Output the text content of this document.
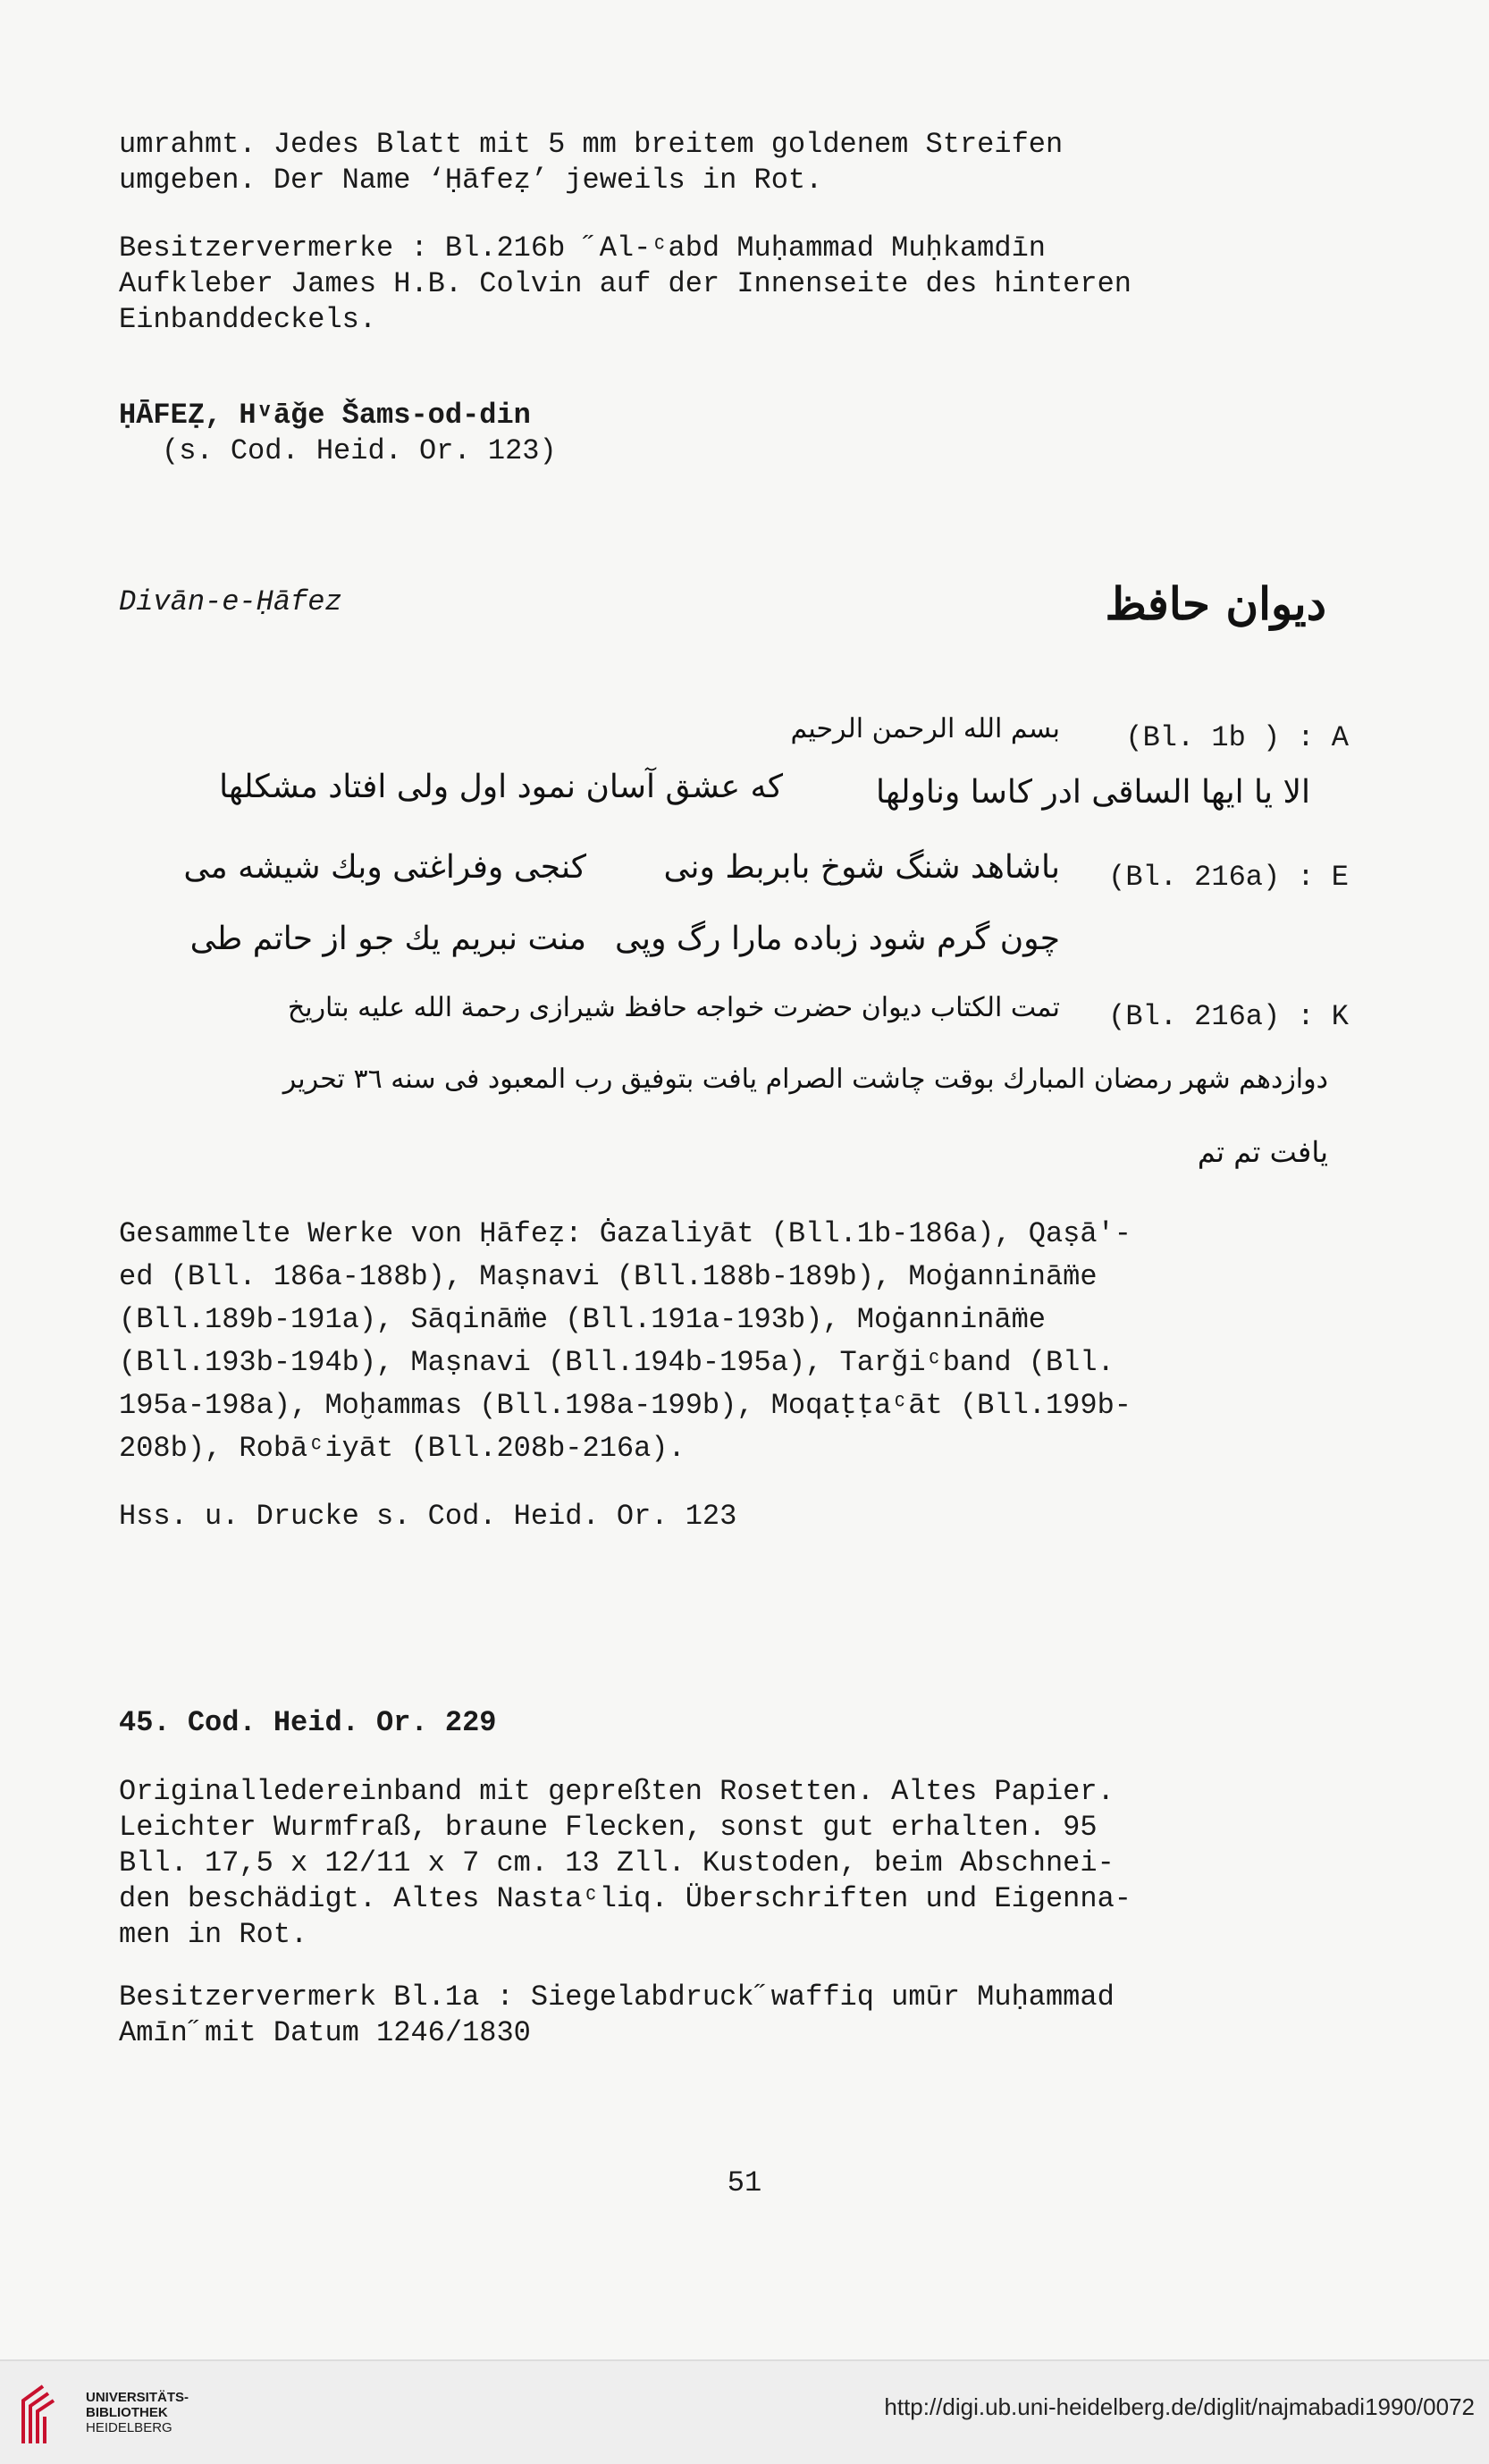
umrahmt. Jedes Blatt mit 5 mm breitem goldenem Streifen
umgeben. Der Name ‘Ḥāfeẓ’ jeweils in Rot.
Besitzervermerke : Bl.216b ˝Al-ᶜabd Muḥammad Muḥkamdīn
Aufkleber James H.B. Colvin auf der Innenseite des hinteren
Einbanddeckels.
ḤĀFEẒ, Hᵛāǧe Šams-od-din
(s. Cod. Heid. Or. 123)
Divān-e-Ḥāfez	ديوان حافظ
(Bl. 1b ) : A
بسم الله الرحمن الرحيم
الا يا ايها الساقى ادر كاسا وناولها
كه عشق آسان نمود اول ولى افتاد مشكلها
(Bl. 216a) : E
باشاهد شنگ شوخ بابربط ونى
كنجى وفراغتى وبك شيشه مى
چون گرم شود زباده مارا رگ وپى
منت نبريم يك جو از حاتم طى
(Bl. 216a) : K
تمت الكتاب ديوان حضرت خواجه حافظ شيرازى رحمة الله عليه بتاريخ
دوازدهم شهر رمضان المبارك بوقت چاشت الصرام يافت بتوفيق رب المعبود فى سنه ٣٦ تحرير
يافت تم تم
Gesammelte Werke von Ḥāfeẓ: Ġazaliyāt (Bll.1b-186a), Qaṣā'-
ed (Bll. 186a-188b), Maṣnavi (Bll.188b-189b), Moġanninām̈e
(Bll.189b-191a), Sāqinām̈e (Bll.191a-193b), Moġanninām̈e
(Bll.193b-194b), Maṣnavi (Bll.194b-195a), Tarǧiᶜband (Bll.
195a-198a), Moḫammas (Bll.198a-199b), Moqaṭṭaᶜāt (Bll.199b-
208b), Robāᶜiyāt (Bll.208b-216a).
Hss. u. Drucke s. Cod. Heid. Or. 123
45. Cod. Heid. Or. 229
Originalledereinband mit gepreßten Rosetten. Altes Papier.
Leichter Wurmfraß, braune Flecken, sonst gut erhalten. 95
Bll. 17,5 x 12/11 x 7 cm. 13 Zll. Kustoden, beim Abschnei-
den beschädigt. Altes Nastaᶜliq. Überschriften und Eigenna-
men in Rot.
Besitzervermerk Bl.1a : Siegelabdruck˝waffiq umūr Muḥammad
Amīn˝mit Datum 1246/1830
51
UNIVERSITÄTS-
BIBLIOTHEK
HEIDELBERG
http://digi.ub.uni-heidelberg.de/diglit/najmabadi1990/0072
